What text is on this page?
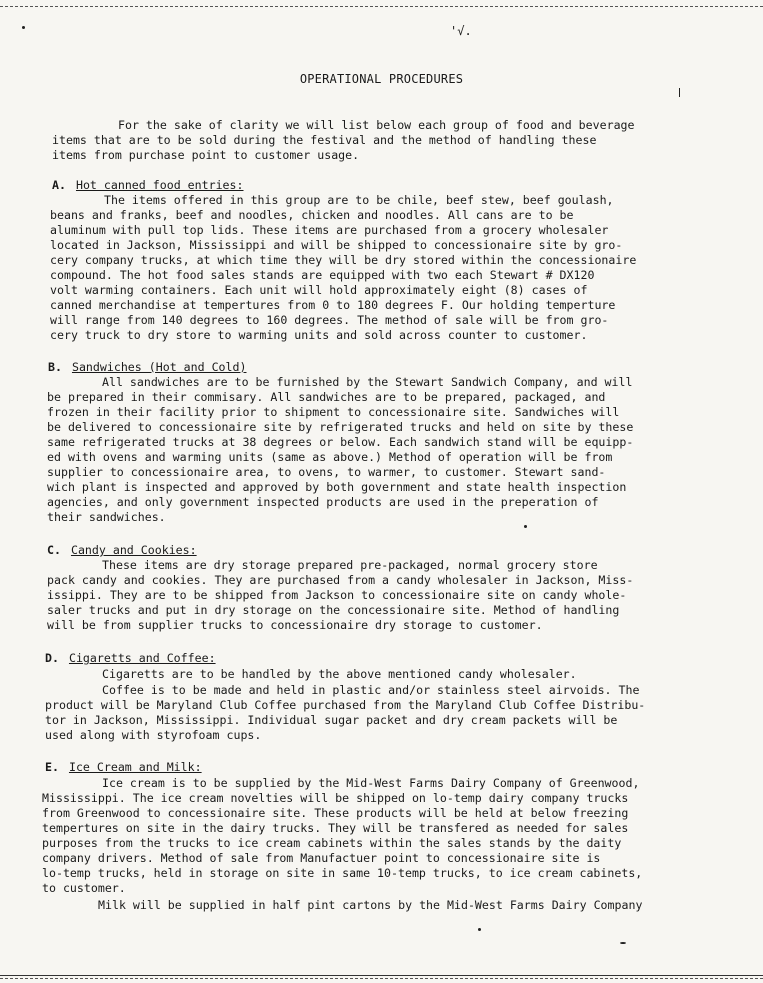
'√.
OPERATIONAL PROCEDURES
For the sake of clarity we will list below each group of food and beverage
items that are to be sold during the festival and the method of handling these
items from purchase point to customer usage.
A. Hot canned food entries:
The items offered in this group are to be chile, beef stew, beef goulash,
beans and franks, beef and noodles, chicken and noodles. All cans are to be
aluminum with pull top lids. These items are purchased from a grocery wholesaler
located in Jackson, Mississippi and will be shipped to concessionaire site by gro-
cery company trucks, at which time they will be dry stored within the concessionaire
compound. The hot food sales stands are equipped with two each Stewart # DX120
volt warming containers. Each unit will hold approximately eight (8) cases of
canned merchandise at tempertures from 0 to 180 degrees F. Our holding temperture
will range from 140 degrees to 160 degrees. The method of sale will be from gro-
cery truck to dry store to warming units and sold across counter to customer.
B. Sandwiches (Hot and Cold)
All sandwiches are to be furnished by the Stewart Sandwich Company, and will
be prepared in their commisary. All sandwiches are to be prepared, packaged, and
frozen in their facility prior to shipment to concessionaire site. Sandwiches will
be delivered to concessionaire site by refrigerated trucks and held on site by these
same refrigerated trucks at 38 degrees or below. Each sandwich stand will be equipp-
ed with ovens and warming units (same as above.) Method of operation will be from
supplier to concessionaire area, to ovens, to warmer, to customer. Stewart sand-
wich plant is inspected and approved by both government and state health inspection
agencies, and only government inspected products are used in the preperation of
their sandwiches.
C. Candy and Cookies:
These items are dry storage prepared pre-packaged, normal grocery store
pack candy and cookies. They are purchased from a candy wholesaler in Jackson, Miss-
issippi. They are to be shipped from Jackson to concessionaire site on candy whole-
saler trucks and put in dry storage on the concessionaire site. Method of handling
will be from supplier trucks to concessionaire dry storage to customer.
D. Cigaretts and Coffee:
Cigaretts are to be handled by the above mentioned candy wholesaler.
Coffee is to be made and held in plastic and/or stainless steel airvoids. The
product will be Maryland Club Coffee purchased from the Maryland Club Coffee Distribu-
tor in Jackson, Mississippi. Individual sugar packet and dry cream packets will be
used along with styrofoam cups.
E. Ice Cream and Milk:
Ice cream is to be supplied by the Mid-West Farms Dairy Company of Greenwood,
Mississippi. The ice cream novelties will be shipped on lo-temp dairy company trucks
from Greenwood to concessionaire site. These products will be held at below freezing
tempertures on site in the dairy trucks. They will be transfered as needed for sales
purposes from the trucks to ice cream cabinets within the sales stands by the daity
company drivers. Method of sale from Manufactuer point to concessionaire site is
lo-temp trucks, held in storage on site in same 10-temp trucks, to ice cream cabinets,
to customer.
Milk will be supplied in half pint cartons by the Mid-West Farms Dairy Company
